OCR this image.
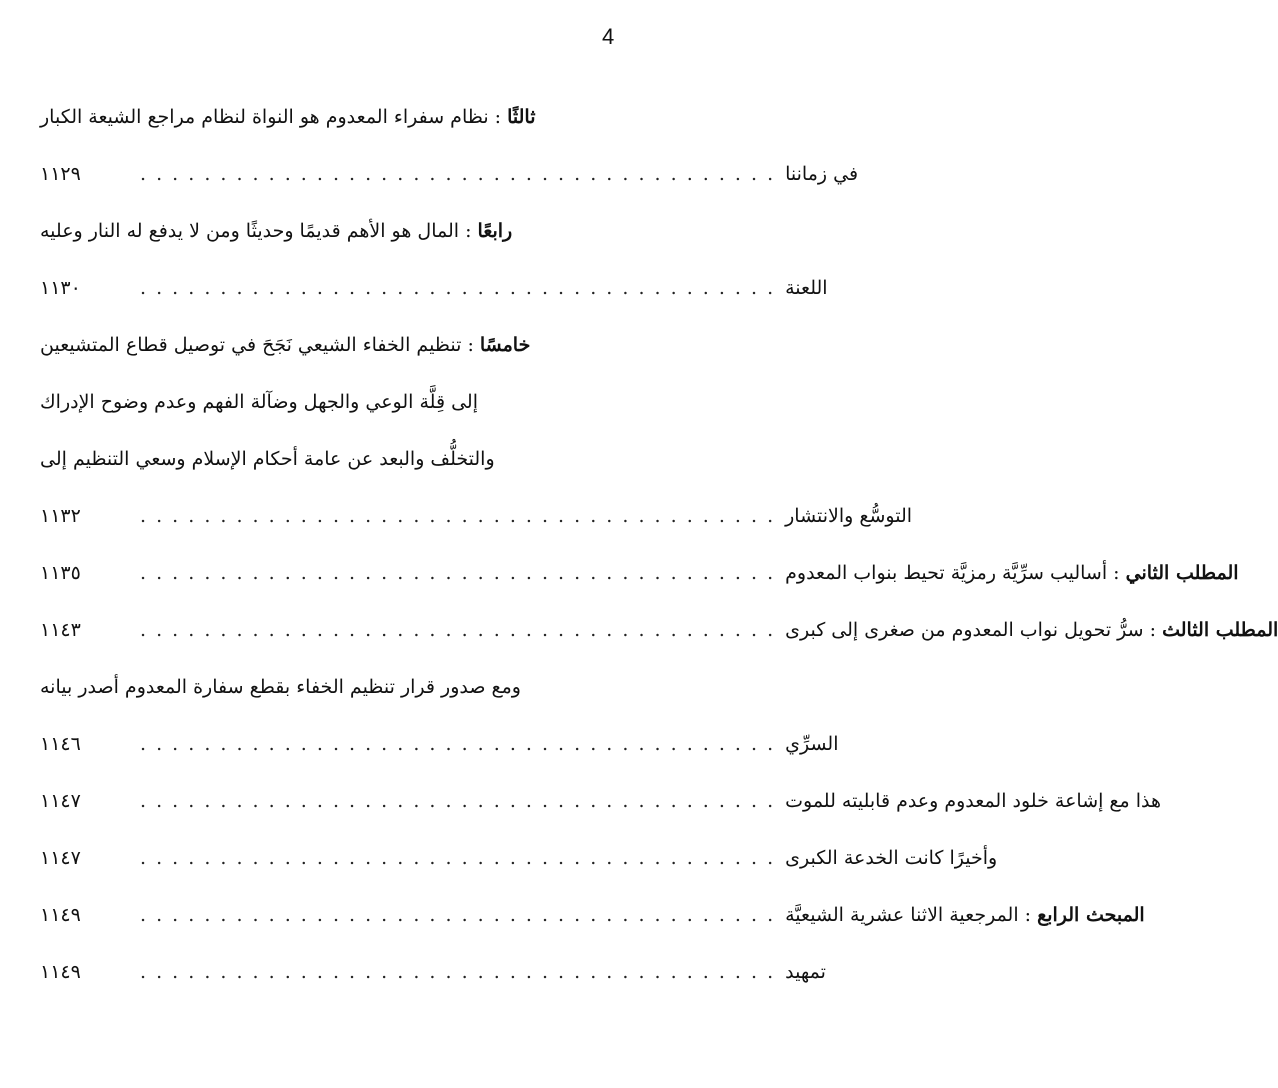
4
ثالثًا : نظام سفراء المعدوم هو النواة لنظام مراجع الشيعة الكبار
١١٢٩	. . . . . . . . . . . . . . . . . . . . . . . . . . . . . . . . . . . . . . . . في زماننا
رابعًا : المال هو الأهم قديمًا وحديثًا ومن لا يدفع له النار وعليه
١١٣٠	. . . . . . . . . . . . . . . . . . . . . . . . . . . . . . . . . . . . . . . . اللعنة
خامسًا : تنظيم الخفاء الشيعي نَجَحَ في توصيل قطاع المتشيعين
إلى قِلَّة الوعي والجهل وضآلة الفهم وعدم وضوح الإدراك
والتخلُّف والبعد عن عامة أحكام الإسلام وسعي التنظيم إلى
١١٣٢	. . . . . . . . . . . . . . . . . . . . . . . . . . . . . . . . . . . . . . . . التوسُّع والانتشار
١١٣٥	. . . . . . . . . . . . . . . . . . . . . . . . . . . . . . . . . . . . . . . .	المطلب الثاني : أساليب سرِّيَّة رمزيَّة تحيط بنواب المعدوم
١١٤٣	. . . . . . . . . . . . . . . . . . . . . . . . . . . . . . . . . . . . . . . .	المطلب الثالث : سرُّ تحويل نواب المعدوم من صغرى إلى كبرى
ومع صدور قرار تنظيم الخفاء بقطع سفارة المعدوم أصدر بيانه
١١٤٦	. . . . . . . . . . . . . . . . . . . . . . . . . . . . . . . . . . . . . . . . السرِّي
١١٤٧	. . . . . . . . . . . . . . . . . . . . . . . . . . . . . . . . . . . . . . . . هذا مع إشاعة خلود المعدوم وعدم قابليته للموت
١١٤٧	. . . . . . . . . . . . . . . . . . . . . . . . . . . . . . . . . . . . . . . . وأخيرًا كانت الخدعة الكبرى
١١٤٩	. . . . . . . . . . . . . . . . . . . . . . . . . . . . . . . . . . . . . . . .	المبحث الرابع : المرجعية الاثنا عشرية الشيعيَّة
١١٤٩	. . . . . . . . . . . . . . . . . . . . . . . . . . . . . . . . . . . . . . . . تمهيد
